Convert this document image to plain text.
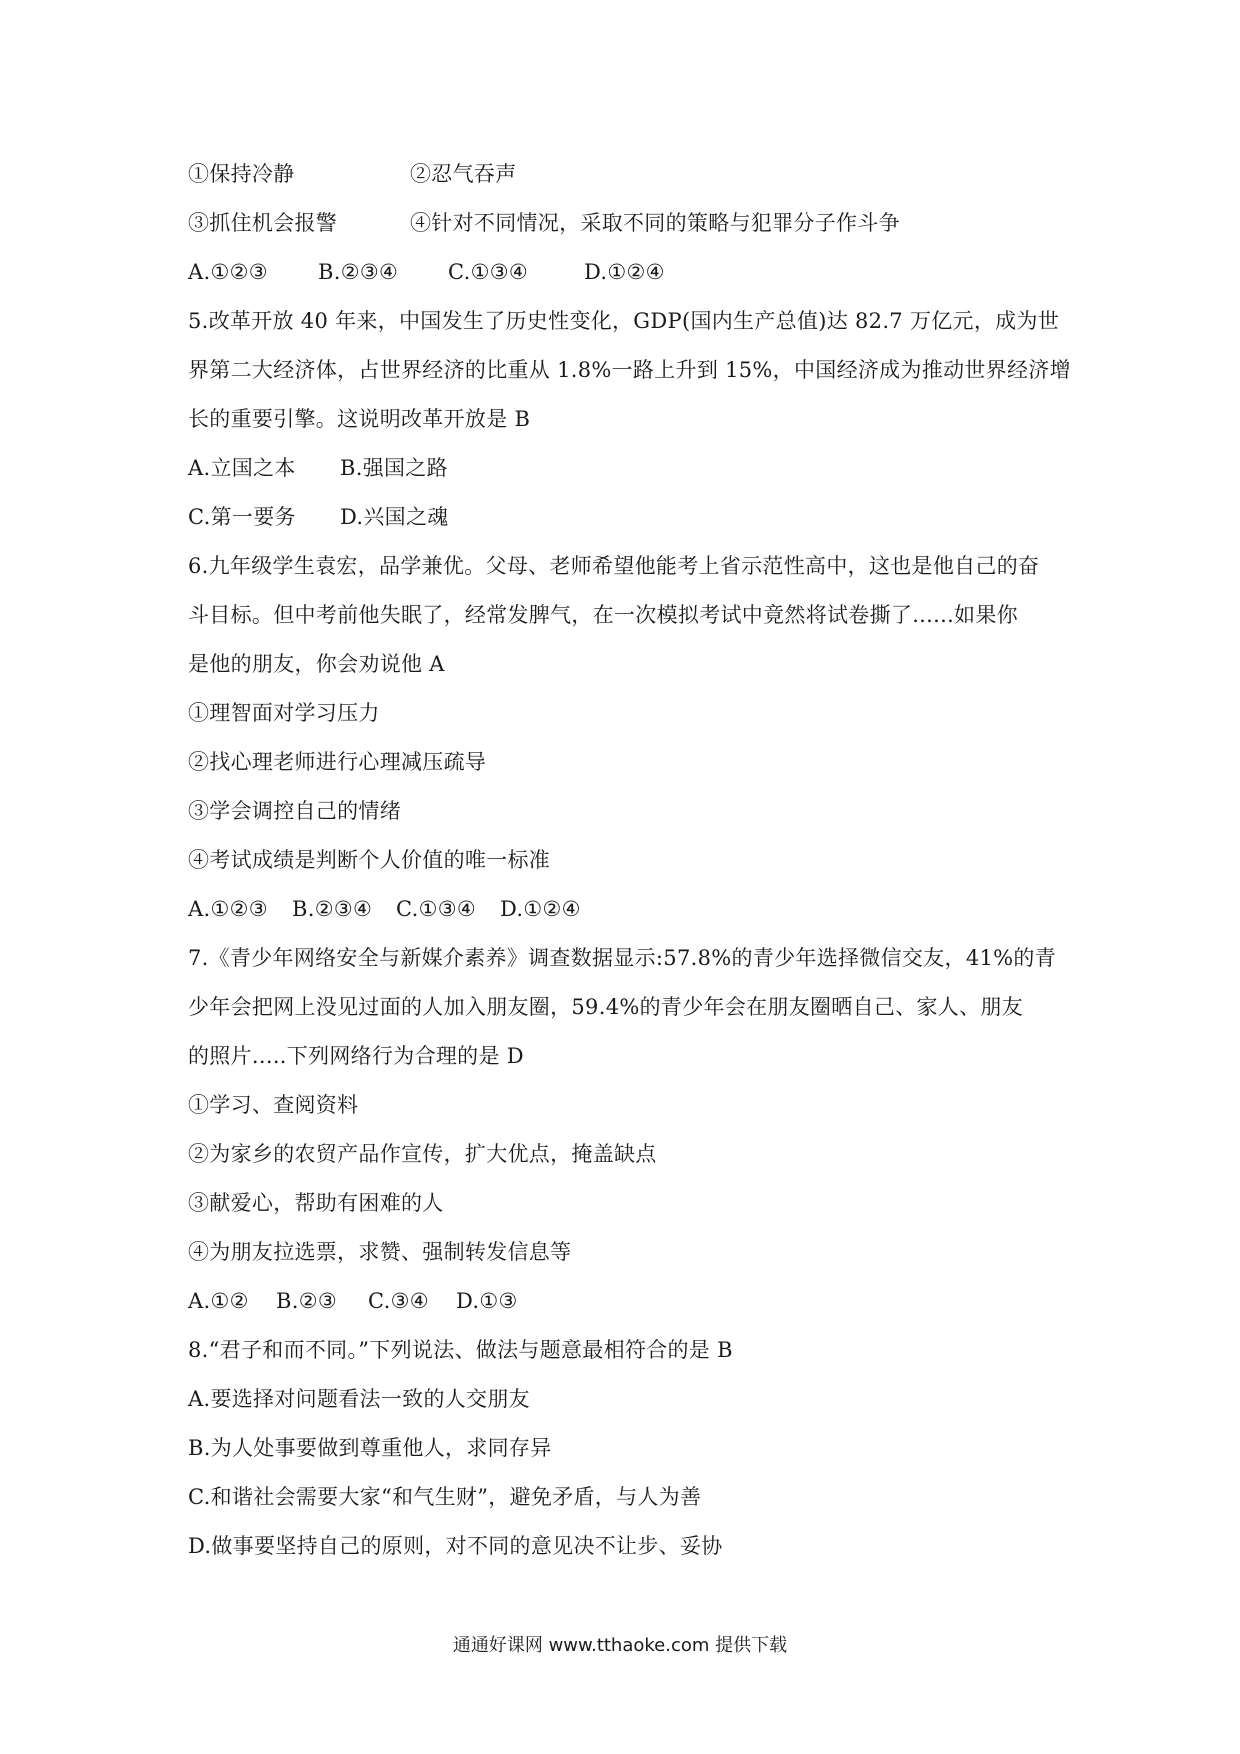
①保持冷静	②忍气吞声
③抓住机会报警	④针对不同情况，采取不同的策略与犯罪分子作斗争
A.①②③ B.②③④ C.①③④	D.①②④
5.改革开放 40 年来，中国发生了历史性变化，GDP(国内生产总值)达 82.7 万亿元，成为世
界第二大经济体，占世界经济的比重从 1.8%一路上升到 15%，中国经济成为推动世界经济增
长的重要引擎。这说明改革开放是 B
A.立国之本 B.强国之路
C.第一要务 D.兴国之魂
6.九年级学生袁宏，品学兼优。父母、老师希望他能考上省示范性高中，这也是他自己的奋
斗目标。但中考前他失眠了，经常发脾气，在一次模拟考试中竟然将试卷撕了......如果你
是他的朋友，你会劝说他 A
①理智面对学习压力
②找心理老师进行心理减压疏导
③学会调控自己的情绪
④考试成绩是判断个人价值的唯一标准
A.①②③ B.②③④ C.①③④ D.①②④
7.《青少年网络安全与新媒介素养》调查数据显示:57.8%的青少年选择微信交友，41%的青
少年会把网上没见过面的人加入朋友圈，59.4%的青少年会在朋友圈晒自己、家人、朋友
的照片.....下列网络行为合理的是 D
①学习、查阅资料
②为家乡的农贸产品作宣传，扩大优点，掩盖缺点
③献爱心，帮助有困难的人
④为朋友拉选票，求赞、强制转发信息等
A.①② B.②③ C.③④ D.①③
8.“君子和而不同。”下列说法、做法与题意最相符合的是 B
A.要选择对问题看法一致的人交朋友
B.为人处事要做到尊重他人，求同存异
C.和谐社会需要大家“和气生财”，避免矛盾，与人为善
D.做事要坚持自己的原则，对不同的意见决不让步、妥协
通通好课网 www.tthaoke.com 提供下载
